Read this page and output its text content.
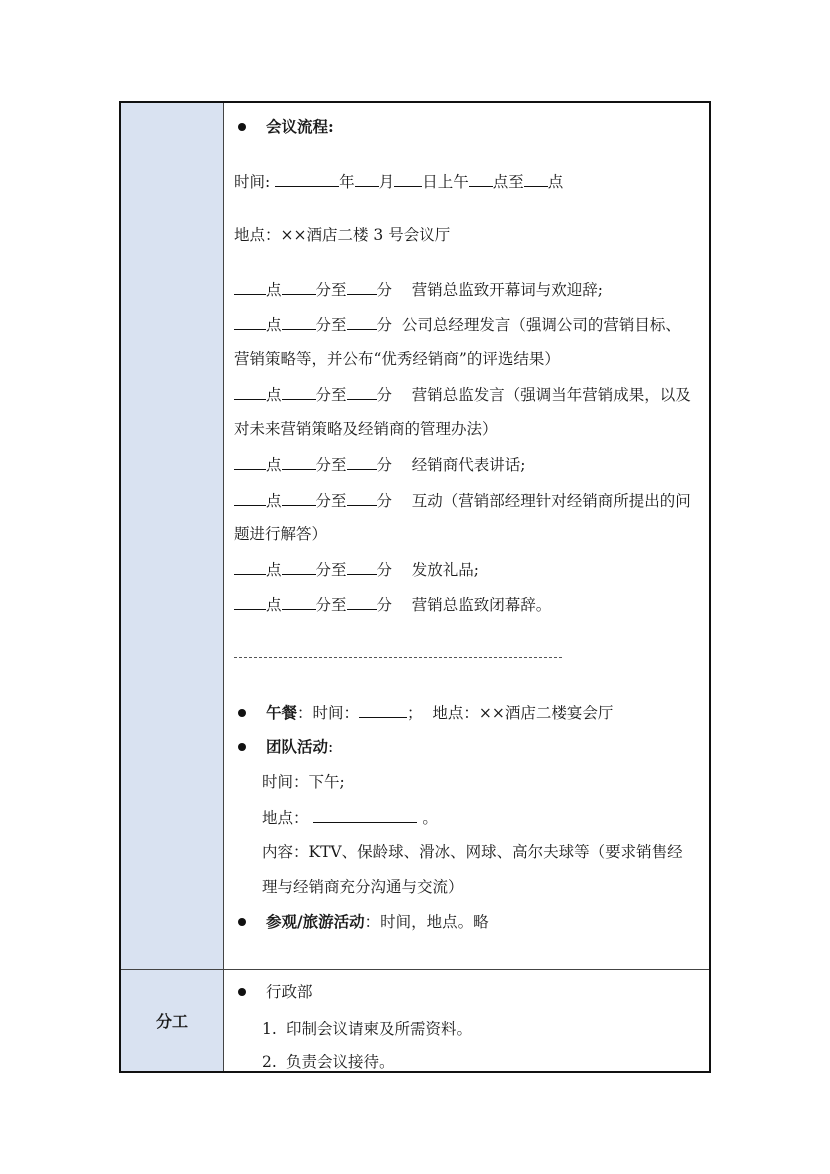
会议流程:
时间:	年 月 日上午 点至 点
地点：××酒店二楼 3 号会议厅
点 分至 分 营销总监致开幕词与欢迎辞;
点 分至 分 公司总经理发言（强调公司的营销目标、
营销策略等，并公布“优秀经销商”的评选结果）
点 分至 分 营销总监发言（强调当年营销成果，以及
对未来营销策略及经销商的管理办法）
点 分至 分 经销商代表讲话;
点 分至 分 互动（营销部经理针对经销商所提出的问
题进行解答）
点 分至 分 发放礼品;
点 分至 分 营销总监致闭幕辞。
午餐：时间：	； 地点：××酒店二楼宴会厅
团队活动:
时间：下午;
地点：	。
内容：KTV、保龄球、滑冰、网球、高尔夫球等（要求销售经
理与经销商充分沟通与交流）
参观/旅游活动：时间，地点。略
分工
行政部
1. 印制会议请柬及所需资料。
2. 负责会议接待。
